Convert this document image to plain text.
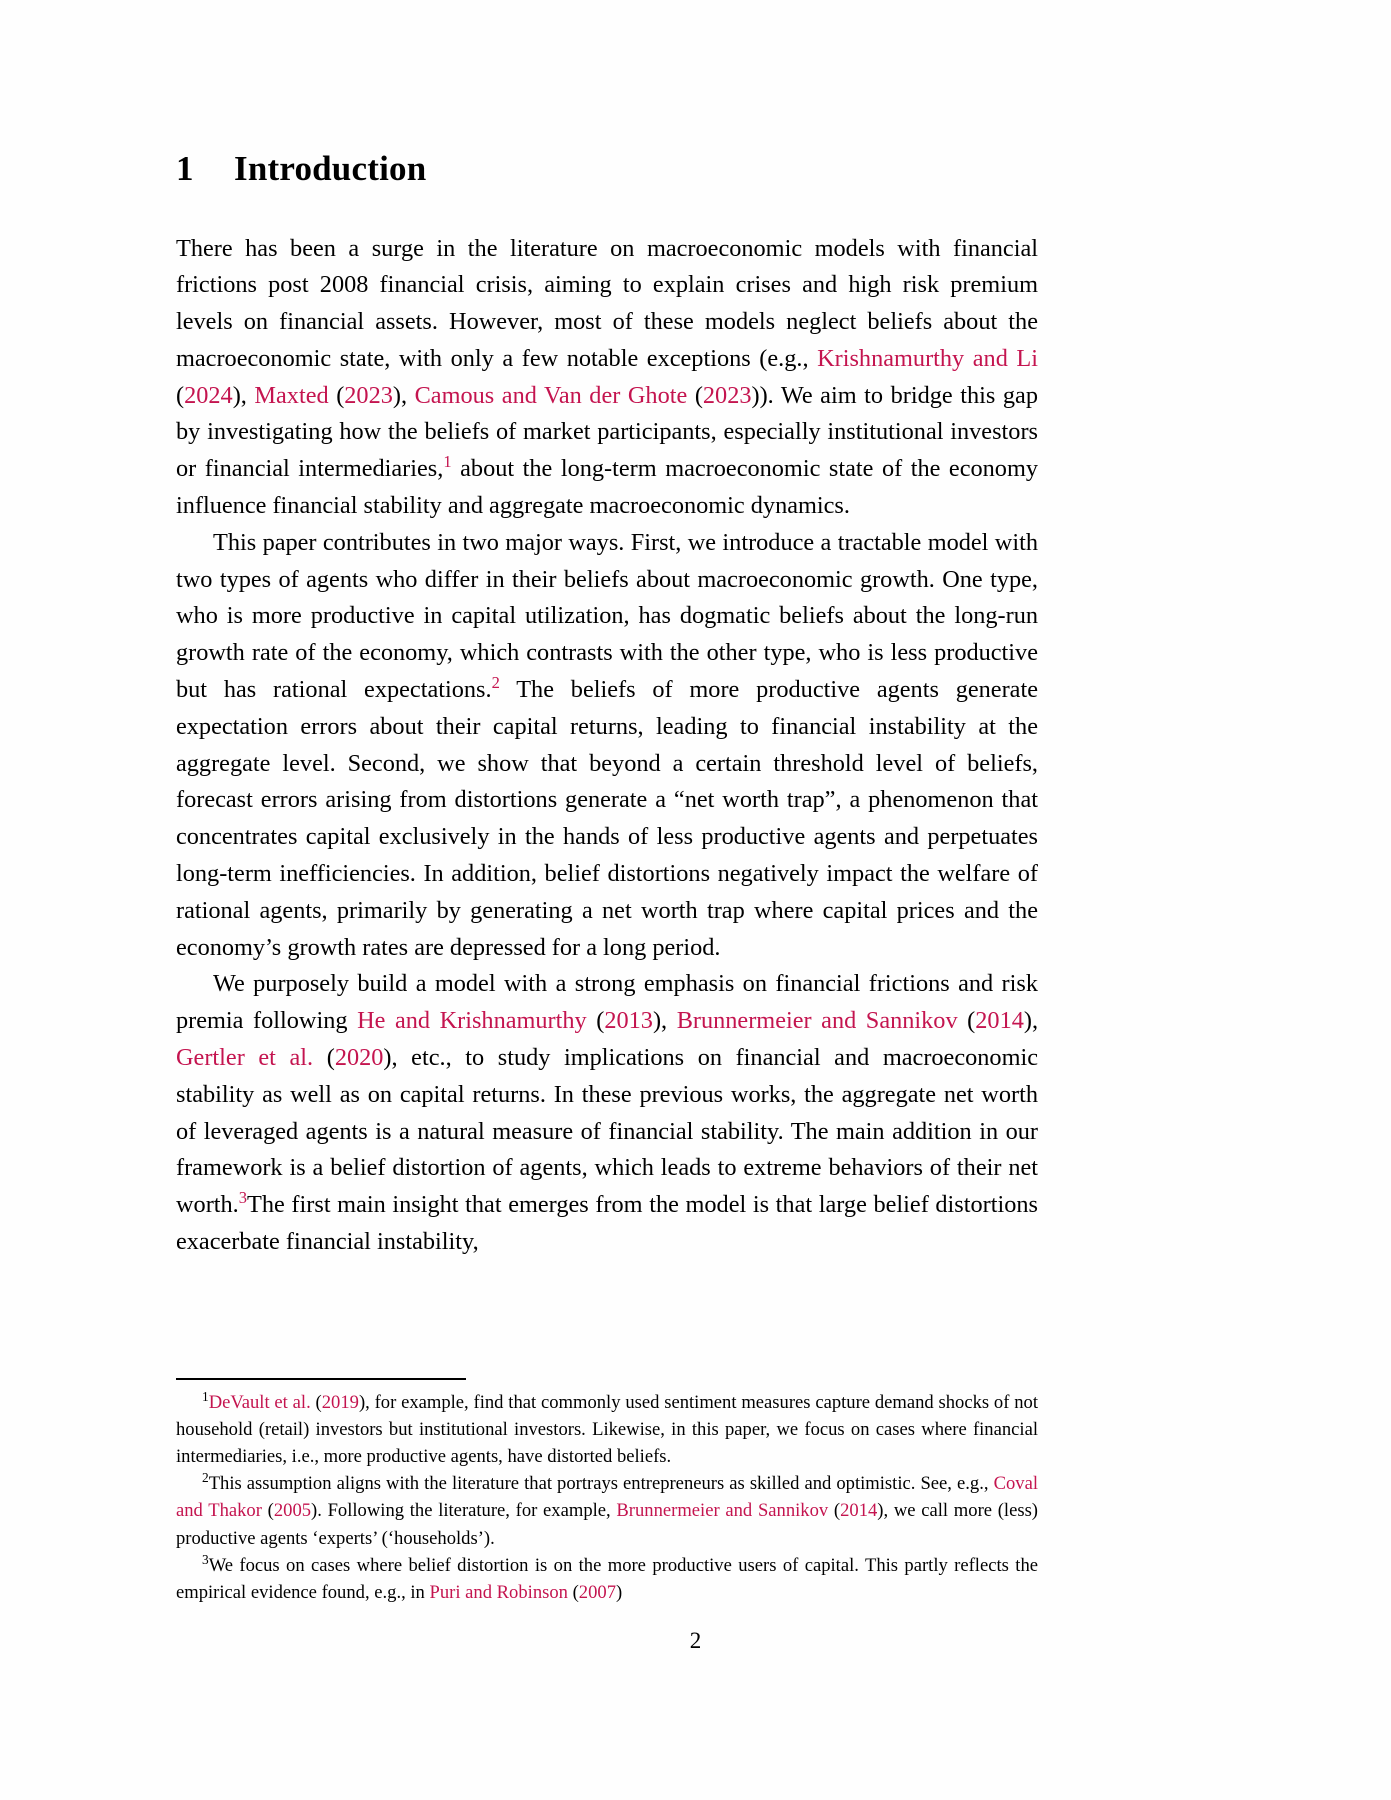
1 Introduction

There has been a surge in the literature on macroeconomic models with financial frictions post 2008 financial crisis, aiming to explain crises and high risk premium levels on financial assets. However, most of these models neglect beliefs about the macroeconomic state, with only a few notable exceptions (e.g., Krishnamurthy and Li (2024), Maxted (2023), Camous and Van der Ghote (2023)). We aim to bridge this gap by investigating how the beliefs of market participants, especially institutional investors or financial intermediaries,$^1$ about the long-term macroeconomic state of the economy influence financial stability and aggregate macroeconomic dynamics.

This paper contributes in two major ways. First, we introduce a tractable model with two types of agents who differ in their beliefs about macroeconomic growth. One type, who is more productive in capital utilization, has dogmatic beliefs about the long-run growth rate of the economy, which contrasts with the other type, who is less productive but has rational expectations.$^2$ The beliefs of more productive agents generate expectation errors about their capital returns, leading to financial instability at the aggregate level. Second, we show that beyond a certain threshold level of beliefs, forecast errors arising from distortions generate a “net worth trap”, a phenomenon that concentrates capital exclusively in the hands of less productive agents and perpetuates long-term inefficiencies. In addition, belief distortions negatively impact the welfare of rational agents, primarily by generating a net worth trap where capital prices and the economy’s growth rates are depressed for a long period.

We purposely build a model with a strong emphasis on financial frictions and risk premia following He and Krishnamurthy (2013), Brunnermeier and Sannikov (2014), Gertler et al. (2020), etc., to study implications on financial and macroeconomic stability as well as on capital returns. In these previous works, the aggregate net worth of leveraged agents is a natural measure of financial stability. The main addition in our framework is a belief distortion of agents, which leads to extreme behaviors of their net worth.$^3$The first main insight that emerges from the model is that large belief distortions exacerbate financial instability,

$^1$DeVault et al. (2019), for example, find that commonly used sentiment measures capture demand shocks of not household (retail) investors but institutional investors. Likewise, in this paper, we focus on cases where financial intermediaries, i.e., more productive agents, have distorted beliefs.

$^2$This assumption aligns with the literature that portrays entrepreneurs as skilled and optimistic. See, e.g., Coval and Thakor (2005). Following the literature, for example, Brunnermeier and Sannikov (2014), we call more (less) productive agents ‘experts’ (‘households’).

$^3$We focus on cases where belief distortion is on the more productive users of capital. This partly reflects the empirical evidence found, e.g., in Puri and Robinson (2007)

2
